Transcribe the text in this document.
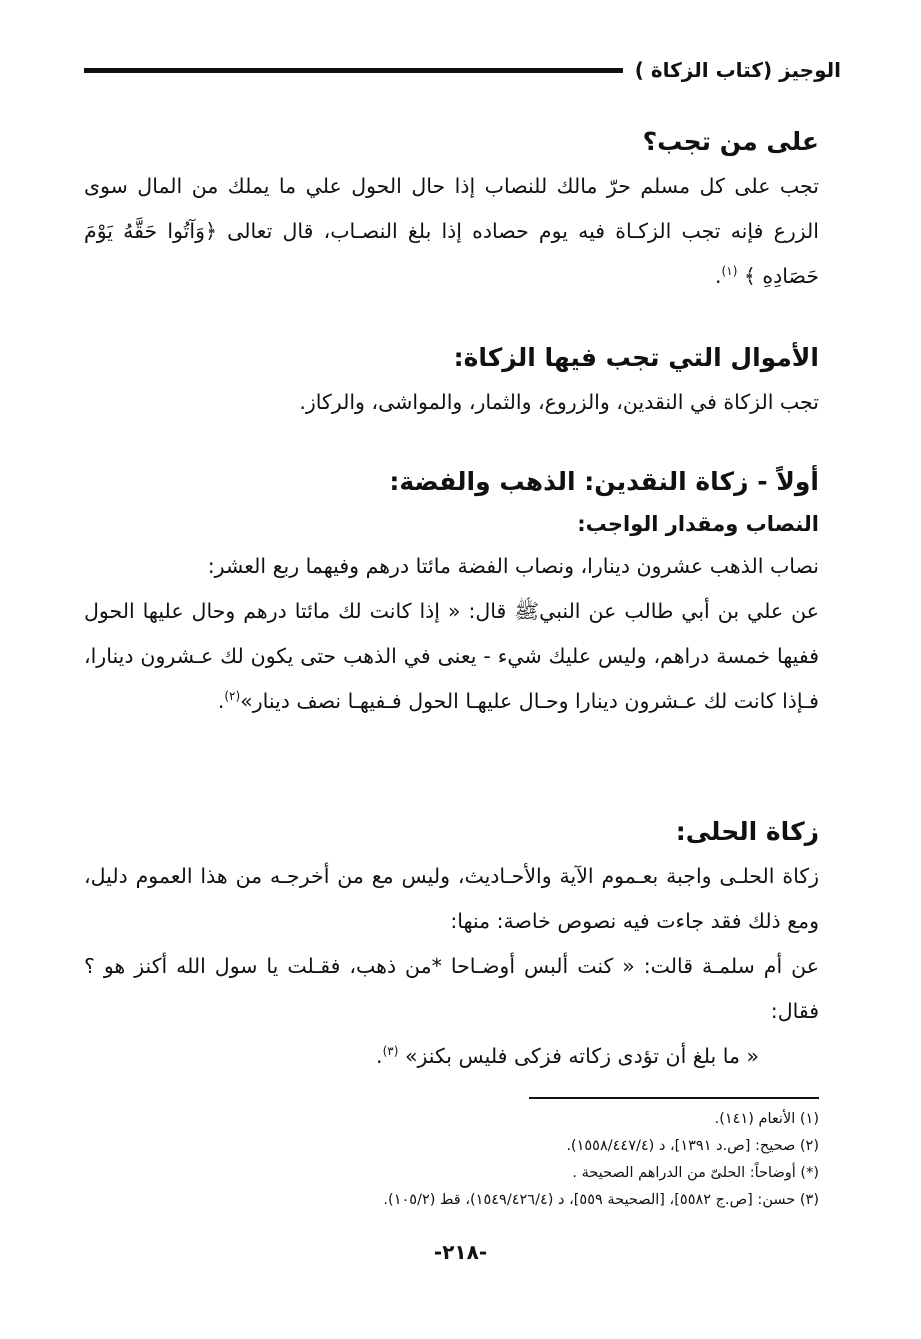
الوجيز (كتاب الزكاة )
على من تجب؟

تجب على كل مسلم حرّ مالك للنصاب إذا حال الحول علي ما يملك من المال سوى الزرع فإنه تجب الزكـاة فيه يوم حصاده إذا بلغ النصـاب، قال تعالى ﴿وَآتُوا حَقَّهُ يَوْمَ حَصَادِهِ ﴾ $^{(١)}$.

الأموال التي تجب فيها الزكاة:

تجب الزكاة في النقدين، والزروع، والثمار، والمواشى، والركاز.

أولاً - زكاة النقدين: الذهب والفضة:
النصاب ومقدار الواجب:

نصاب الذهب عشرون دينارا، ونصاب الفضة مائتا درهم وفيهما ربع العشر:

عن علي بن أبي طالب عن النبيﷺ قال: « إذا كانت لك مائتا درهم وحال عليها الحول ففيها خمسة دراهم، وليس عليك شيء - يعنى في الذهب حتى يكون لك عـشرون دينارا، فـإذا كانت لك عـشرون دينارا وحـال عليهـا الحول فـفيهـا نصف دينار»$^{(٢)}$.

زكاة الحلى:

زكاة الحلـى واجبة بعـموم الآية والأحـاديث، وليس مع من أخرجـه من هذا العموم دليل، ومع ذلك فقد جاءت فيه نصوص خاصة: منها:

عن أم سلمـة قالت: « كنت ألبس أوضـاحا *من ذهب، فقـلت يا سول الله أكنز هو ؟ فقال:

« ما بلغ أن تؤدى زكاته فزكى فليس بكنز» $^{(٣)}$.

(١) الأنعام (١٤١).

(٢) صحيح: [ص.د ١٣٩١]، د (١٥٥٨/٤٤٧/٤).

(*) أوضاحاً: الحلىّ من الدراهم الصحيحة .

(٣) حسن: [ص.ج ٥٥٨٢]، [الصحيحة ٥٥٩]، د (١٥٤٩/٤٢٦/٤)، قط (١٠٥/٢).

-٢١٨-
